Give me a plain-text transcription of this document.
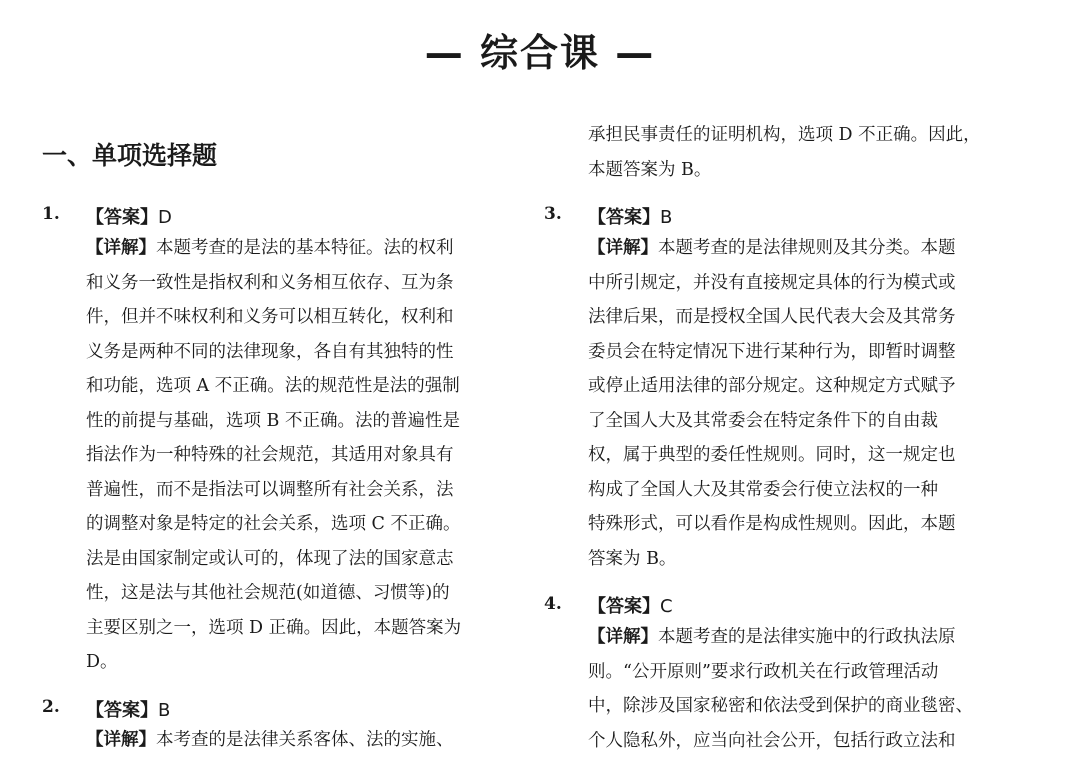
— 综合课 —
一、单项选择题
1. 【答案】D
【详解】本题考查的是法的基本特征。法的权利
和义务一致性是指权利和义务相互依存、互为条
件，但并不味权利和义务可以相互转化，权利和
义务是两种不同的法律现象，各自有其独特的性
和功能，选项 A 不正确。法的规范性是法的强制
性的前提与基础，选项 B 不正确。法的普遍性是
指法作为一种特殊的社会规范，其适用对象具有
普遍性，而不是指法可以调整所有社会关系，法
的调整对象是特定的社会关系，选项 C 不正确。
法是由国家制定或认可的，体现了法的国家意志
性，这是法与其他社会规范(如道德、习惯等)的
主要区别之一，选项 D 正确。因此，本题答案为
D。
2. 【答案】B
【详解】本考查的是法律关系客体、法的实施、
承担民事责任的证明机构，选项 D 不正确。因此，
本题答案为 B。
3. 【答案】B
【详解】本题考查的是法律规则及其分类。本题
中所引规定，并没有直接规定具体的行为模式或
法律后果，而是授权全国人民代表大会及其常务
委员会在特定情况下进行某种行为，即暂时调整
或停止适用法律的部分规定。这种规定方式赋予
了全国人大及其常委会在特定条件下的自由裁
权，属于典型的委任性规则。同时，这一规定也
构成了全国人大及其常委会行使立法权的一种
特殊形式，可以看作是构成性规则。因此，本题
答案为 B。
4. 【答案】C
【详解】本题考查的是法律实施中的行政执法原
则。“公开原则”要求行政机关在行政管理活动
中，除涉及国家秘密和依法受到保护的商业毯密、
个人隐私外，应当向社会公开，包括行政立法和
